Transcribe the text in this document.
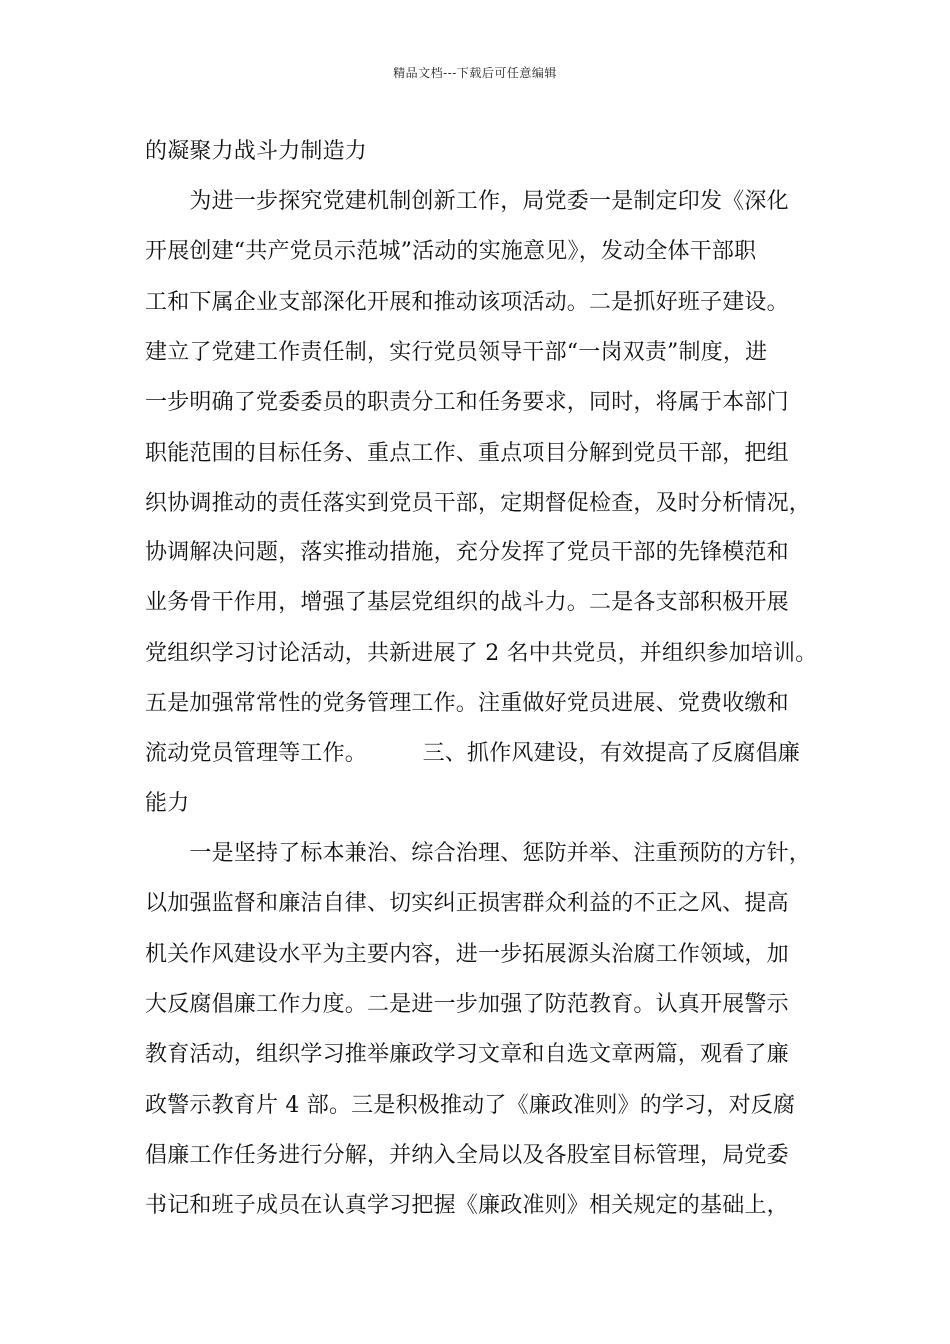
精品文档---下载后可任意编辑
的凝聚力战斗力制造力
　　为进一步探究党建机制创新工作，局党委一是制定印发《深化
开展创建“共产党员示范城”活动的实施意见》，发动全体干部职
工和下属企业支部深化开展和推动该项活动。二是抓好班子建设。
建立了党建工作责任制，实行党员领导干部“一岗双责”制度，进
一步明确了党委委员的职责分工和任务要求，同时，将属于本部门
职能范围的目标任务、重点工作、重点项目分解到党员干部，把组
织协调推动的责任落实到党员干部，定期督促检查，及时分析情况，
协调解决问题，落实推动措施，充分发挥了党员干部的先锋模范和
业务骨干作用，增强了基层党组织的战斗力。二是各支部积极开展
党组织学习讨论活动，共新进展了 2 名中共党员，并组织参加培训。
五是加强常常性的党务管理工作。注重做好党员进展、党费收缴和
流动党员管理等工作。　　　三、抓作风建设，有效提高了反腐倡廉
能力
　　一是坚持了标本兼治、综合治理、惩防并举、注重预防的方针，
以加强监督和廉洁自律、切实纠正损害群众利益的不正之风、提高
机关作风建设水平为主要内容，进一步拓展源头治腐工作领域，加
大反腐倡廉工作力度。二是进一步加强了防范教育。认真开展警示
教育活动，组织学习推举廉政学习文章和自选文章两篇，观看了廉
政警示教育片 4 部。三是积极推动了《廉政准则》的学习，对反腐
倡廉工作任务进行分解，并纳入全局以及各股室目标管理，局党委
书记和班子成员在认真学习把握《廉政准则》相关规定的基础上，
